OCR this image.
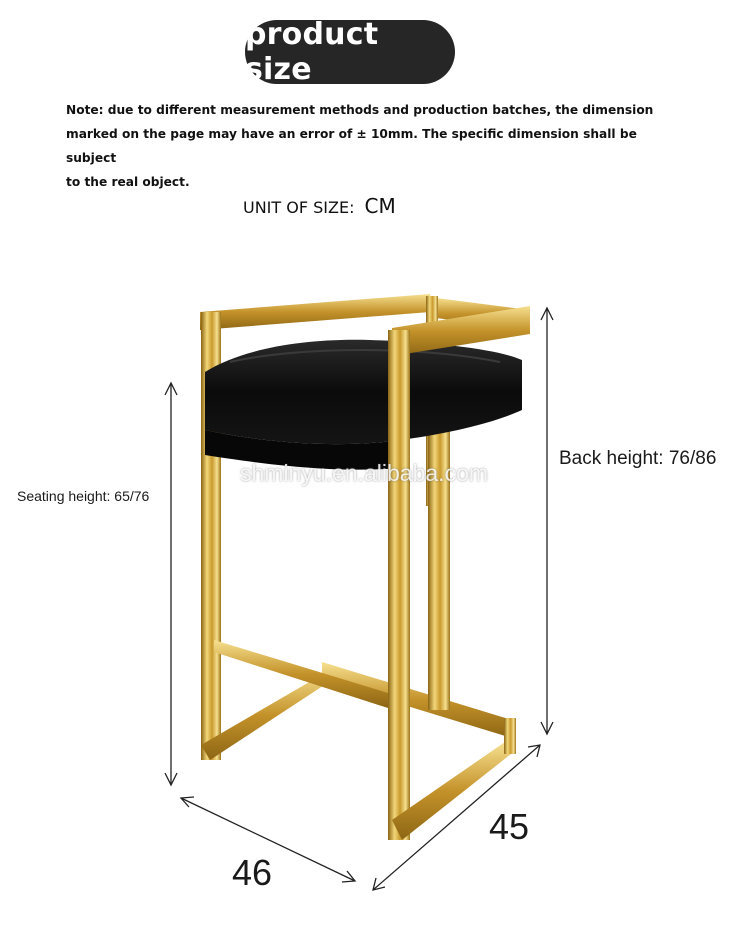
product size
Note: due to different measurement methods and production batches, the dimension
marked on the page may have an error of ± 10mm. The specific dimension shall be subject
to the real object.
UNIT OF SIZE: CM
shminyu.en.alibaba.com
Seating height: 65/76
Back height: 76/86
46
45
